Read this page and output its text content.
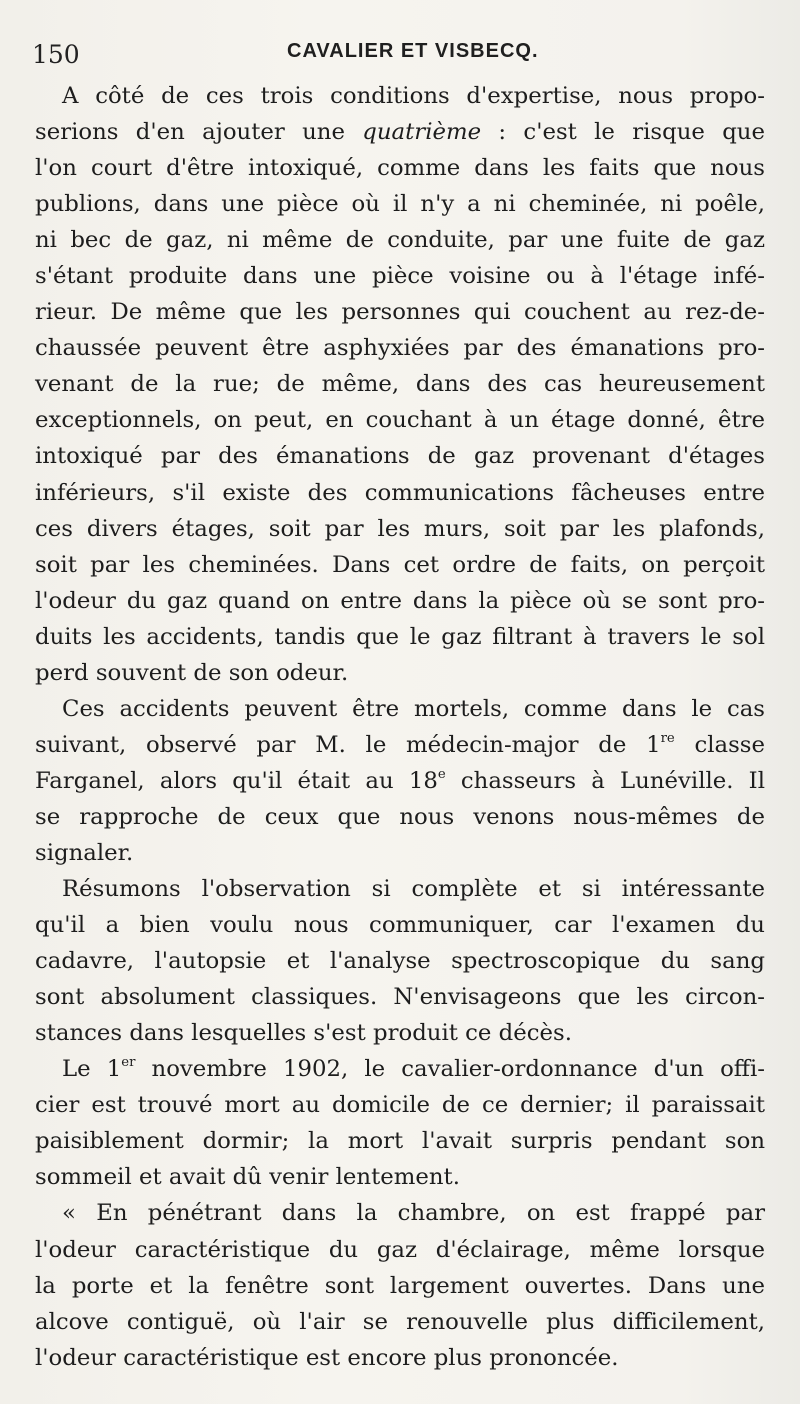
150	CAVALIER ET VISBECQ.
A côté de ces trois conditions d'expertise, nous propo-
serions d'en ajouter une quatrième : c'est le risque que
l'on court d'être intoxiqué, comme dans les faits que nous
publions, dans une pièce où il n'y a ni cheminée, ni poêle,
ni bec de gaz, ni même de conduite, par une fuite de gaz
s'étant produite dans une pièce voisine ou à l'étage infé-
rieur. De même que les personnes qui couchent au rez-de-
chaussée peuvent être asphyxiées par des émanations pro-
venant de la rue; de même, dans des cas heureusement
exceptionnels, on peut, en couchant à un étage donné, être
intoxiqué par des émanations de gaz provenant d'étages
inférieurs, s'il existe des communications fâcheuses entre
ces divers étages, soit par les murs, soit par les plafonds,
soit par les cheminées. Dans cet ordre de faits, on perçoit
l'odeur du gaz quand on entre dans la pièce où se sont pro-
duits les accidents, tandis que le gaz filtrant à travers le sol
perd souvent de son odeur.
Ces accidents peuvent être mortels, comme dans le cas
suivant, observé par M. le médecin-major de 1re classe
Farganel, alors qu'il était au 18e chasseurs à Lunéville. Il
se rapproche de ceux que nous venons nous-mêmes de
signaler.
Résumons l'observation si complète et si intéressante
qu'il a bien voulu nous communiquer, car l'examen du
cadavre, l'autopsie et l'analyse spectroscopique du sang
sont absolument classiques. N'envisageons que les circon-
stances dans lesquelles s'est produit ce décès.
Le 1er novembre 1902, le cavalier-ordonnance d'un offi-
cier est trouvé mort au domicile de ce dernier; il paraissait
paisiblement dormir; la mort l'avait surpris pendant son
sommeil et avait dû venir lentement.
« En pénétrant dans la chambre, on est frappé par
l'odeur caractéristique du gaz d'éclairage, même lorsque
la porte et la fenêtre sont largement ouvertes. Dans une
alcove contiguë, où l'air se renouvelle plus difficilement,
l'odeur caractéristique est encore plus prononcée.
